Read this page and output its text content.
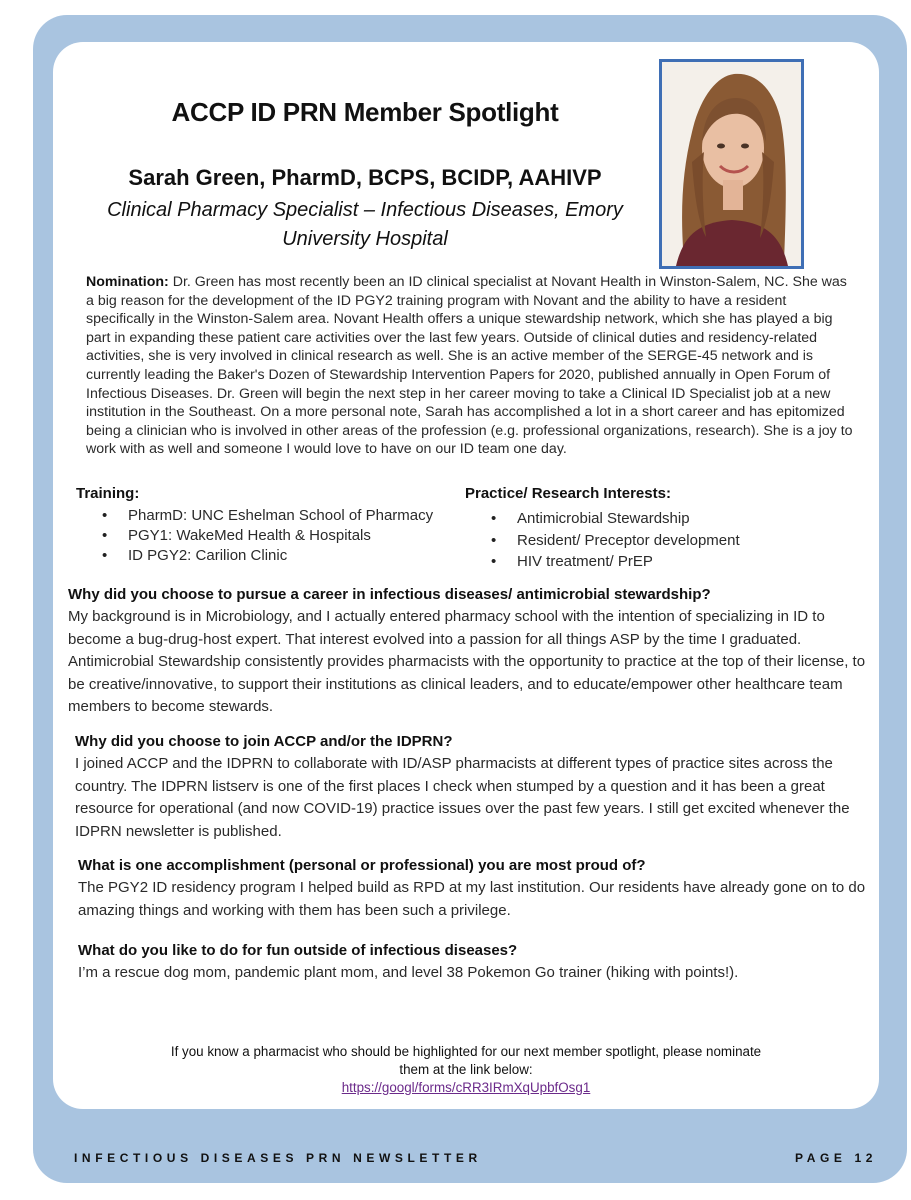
ACCP ID PRN Member Spotlight
Sarah Green, PharmD, BCPS, BCIDP, AAHIVP
Clinical Pharmacy Specialist – Infectious Diseases, Emory
University Hospital
Nomination: Dr. Green has most recently been an ID clinical specialist at Novant Health in Winston-Salem, NC. She was a big reason for the development of the ID PGY2 training program with Novant and the ability to have a resident specifically in the Winston-Salem area. Novant Health offers a unique stewardship network, which she has played a big part in expanding these patient care activities over the last few years. Outside of clinical duties and residency-related activities, she is very involved in clinical research as well. She is an active member of the SERGE-45 network and is currently leading the Baker's Dozen of Stewardship Intervention Papers for 2020, published annually in Open Forum of Infectious Diseases. Dr. Green will begin the next step in her career moving to take a Clinical ID Specialist job at a new institution in the Southeast. On a more personal note, Sarah has accomplished a lot in a short career and has epitomized being a clinician who is involved in other areas of the profession (e.g. professional organizations, research). She is a joy to work with as well and someone I would love to have on our ID team one day.
Training:
• PharmD: UNC Eshelman School of Pharmacy
• PGY1: WakeMed Health & Hospitals
• ID PGY2: Carilion Clinic
Practice/ Research Interests:
• Antimicrobial Stewardship
• Resident/ Preceptor development
• HIV treatment/ PrEP
Why did you choose to pursue a career in infectious diseases/ antimicrobial stewardship?
My background is in Microbiology, and I actually entered pharmacy school with the intention of specializing in ID to become a bug-drug-host expert. That interest evolved into a passion for all things ASP by the time I graduated. Antimicrobial Stewardship consistently provides pharmacists with the opportunity to practice at the top of their license, to be creative/innovative, to support their institutions as clinical leaders, and to educate/empower other healthcare team members to become stewards.
Why did you choose to join ACCP and/or the IDPRN?
I joined ACCP and the IDPRN to collaborate with ID/ASP pharmacists at different types of practice sites across the country. The IDPRN listserv is one of the first places I check when stumped by a question and it has been a great resource for operational (and now COVID-19) practice issues over the past few years. I still get excited whenever the IDPRN newsletter is published.
What is one accomplishment (personal or professional) you are most proud of?
The PGY2 ID residency program I helped build as RPD at my last institution. Our residents have already gone on to do amazing things and working with them has been such a privilege.
What do you like to do for fun outside of infectious diseases?
I’m a rescue dog mom, pandemic plant mom, and level 38 Pokemon Go trainer (hiking with points!).
If you know a pharmacist who should be highlighted for our next member spotlight, please nominate
them at the link below:
https://googl/forms/cRR3IRmXqUpbfOsg1
INFECTIOUS DISEASES PRN NEWSLETTER	PAGE 12
